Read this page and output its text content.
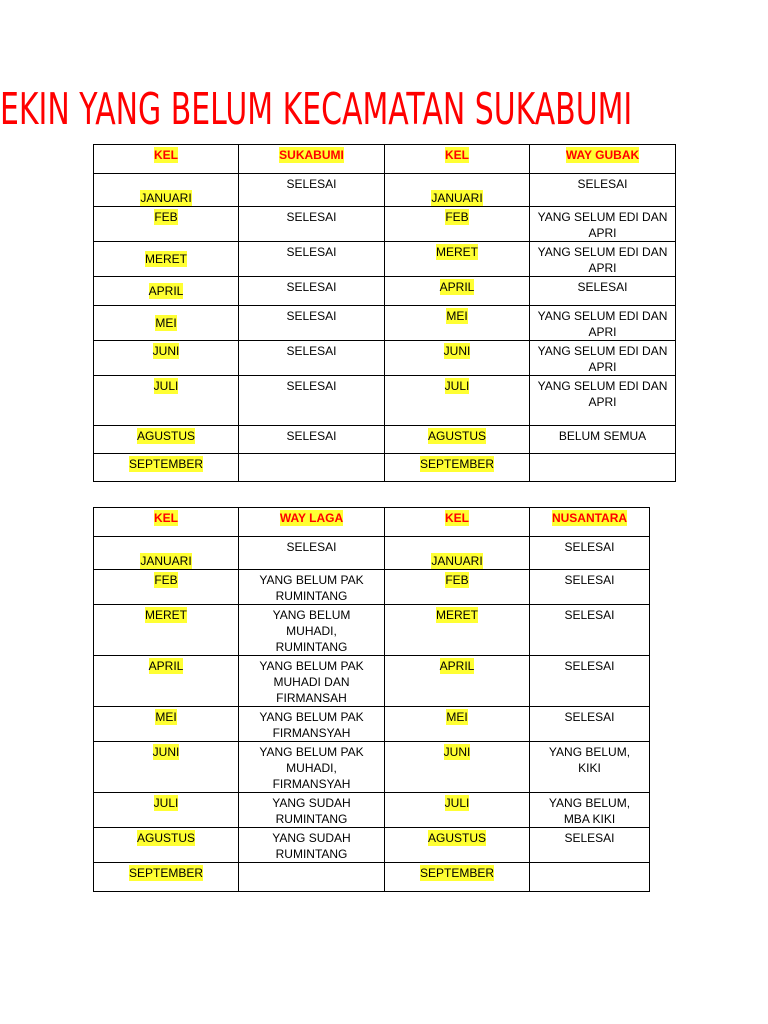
EKIN YANG BELUM KECAMATAN SUKABUMI
KEL	SUKABUMI	KEL	WAY GUBAK
JANUARI	SELESAI	JANUARI	SELESAI
FEB	SELESAI	FEB	YANG SELUM EDI DAN APRI
MERET	SELESAI	MERET	YANG SELUM EDI DAN APRI
APRIL	SELESAI	APRIL	SELESAI
MEI	SELESAI	MEI	YANG SELUM EDI DAN APRI
JUNI	SELESAI	JUNI	YANG SELUM EDI DAN APRI
JULI	SELESAI	JULI	YANG SELUM EDI DAN APRI
AGUSTUS	SELESAI	AGUSTUS	BELUM SEMUA
SEPTEMBER		SEPTEMBER	
KEL	WAY LAGA	KEL	NUSANTARA
JANUARI	SELESAI	JANUARI	SELESAI
FEB	YANG BELUM PAK RUMINTANG	FEB	SELESAI
MERET	YANG BELUM MUHADI, RUMINTANG	MERET	SELESAI
APRIL	YANG BELUM PAK MUHADI DAN FIRMANSAH	APRIL	SELESAI
MEI	YANG BELUM PAK FIRMANSYAH	MEI	SELESAI
JUNI	YANG BELUM PAK MUHADI, FIRMANSYAH	JUNI	YANG BELUM, KIKI

JULI	YANG SUDAH RUMINTANG	JULI	YANG BELUM, MBA KIKI

AGUSTUS	YANG SUDAH RUMINTANG	AGUSTUS	SELESAI
SEPTEMBER		SEPTEMBER	
